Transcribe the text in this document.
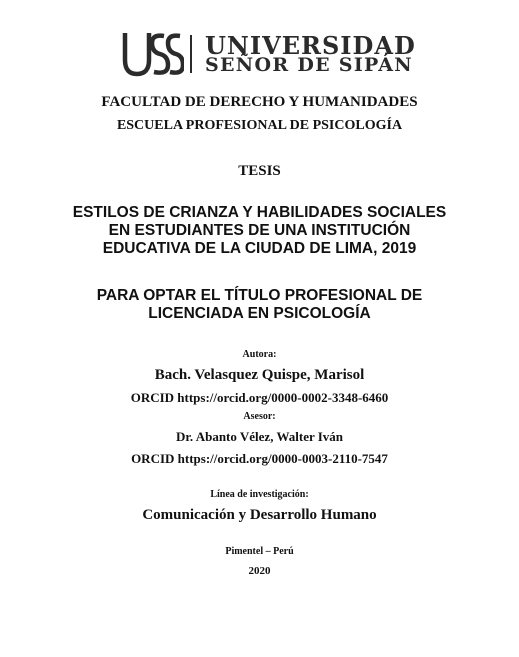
UNIVERSIDAD
SEÑOR DE SIPÁN
FACULTAD DE DERECHO Y HUMANIDADES
ESCUELA PROFESIONAL DE PSICOLOGÍA
TESIS
ESTILOS DE CRIANZA Y HABILIDADES SOCIALES
EN ESTUDIANTES DE UNA INSTITUCIÓN
EDUCATIVA DE LA CIUDAD DE LIMA, 2019
PARA OPTAR EL TÍTULO PROFESIONAL DE
LICENCIADA EN PSICOLOGÍA
Autora:
Bach. Velasquez Quispe, Marisol
ORCID https://orcid.org/0000-0002-3348-6460
Asesor:
Dr. Abanto Vélez, Walter Iván
ORCID https://orcid.org/0000-0003-2110-7547
Línea de investigación:
Comunicación y Desarrollo Humano
Pimentel – Perú
2020
